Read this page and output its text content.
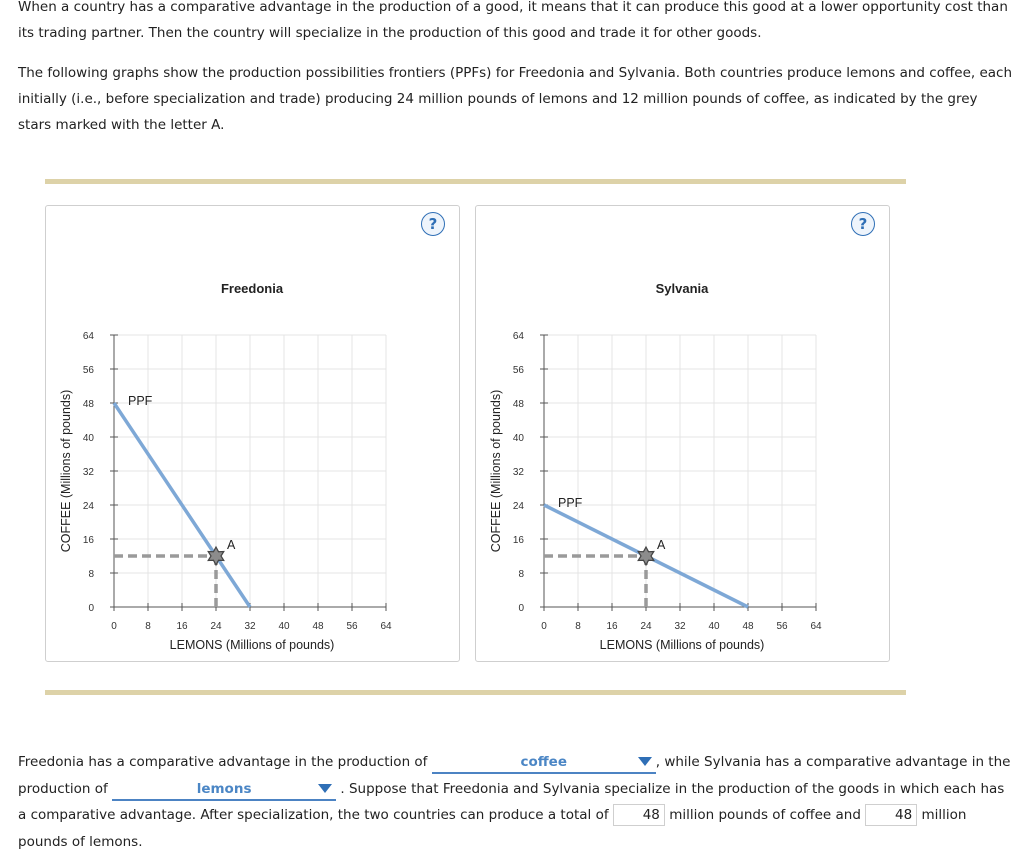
When a country has a comparative advantage in the production of a good, it means that it can produce this good at a lower opportunity cost than its trading partner. Then the country will specialize in the production of this good and trade it for other goods.

The following graphs show the production possibilities frontiers (PPFs) for Freedonia and Sylvania. Both countries produce lemons and coffee, each initially (i.e., before specialization and trade) producing 24 million pounds of lemons and 12 million pounds of coffee, as indicated by the grey stars marked with the letter A.

Freedonia
0	8	16 24 32 40 48 56 64
0
8
16
24
32
40
48
56
64
LEMONS (Millions of pounds)
COFFEE (Millions of pounds)	PPF
A
?
Sylvania
0	8	16 24 32 40 48 56 64
0
8
16
24
32
40
48
56
64
LEMONS (Millions of pounds)
COFFEE (Millions of pounds)	PPF
A
?

Freedonia has a comparative advantage in the production of	coffee	, while Sylvania has a comparative advantage in the production of	lemons	. Suppose that Freedonia and Sylvania specialize in the production of the goods in which each has a comparative advantage. After specialization, the two countries can produce a total of	48 million pounds of coffee and	48 million pounds of lemons.
